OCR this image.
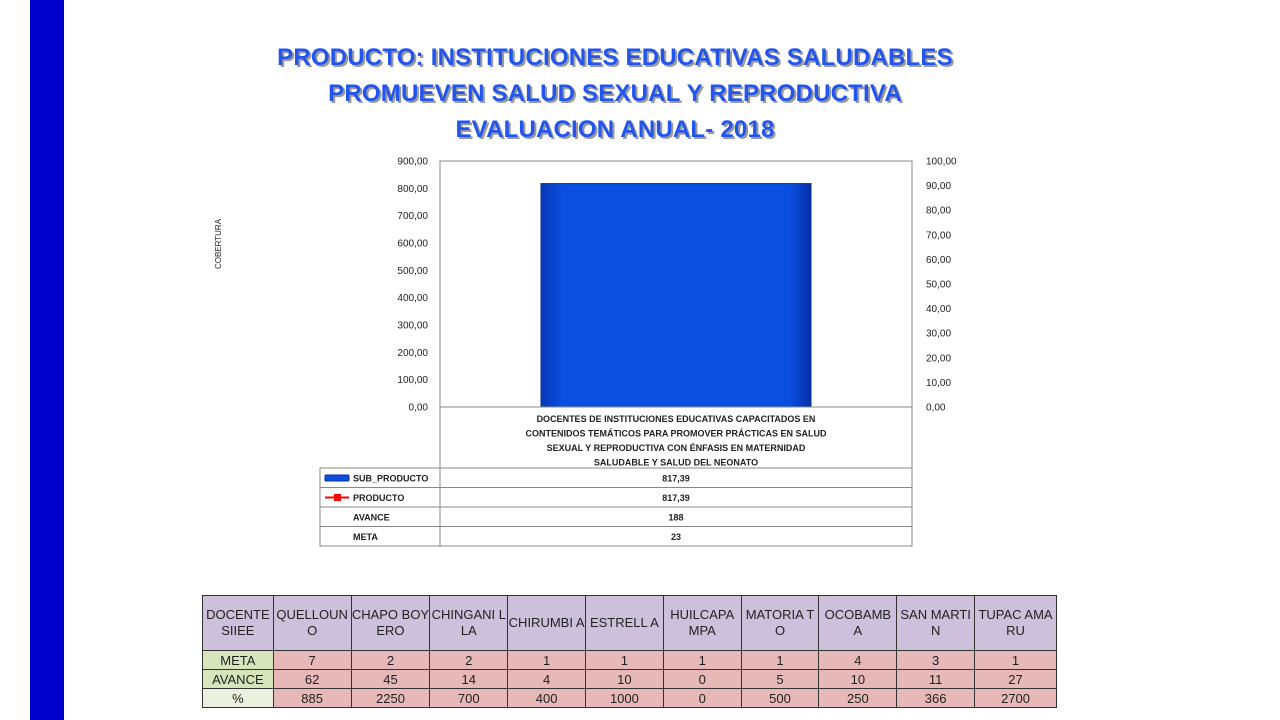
PRODUCTO: INSTITUCIONES EDUCATIVAS SALUDABLES
PROMUEVEN SALUD SEXUAL Y REPRODUCTIVA
EVALUACION ANUAL- 2018
0,00
100,00
200,00
300,00
400,00
500,00
600,00
700,00
800,00
900,00
0,00
10,00
20,00
30,00
40,00
50,00
60,00
70,00
80,00
90,00
100,00
COBERTURA
DOCENTES DE INSTITUCIONES EDUCATIVAS CAPACITADOS EN
CONTENIDOS TEMÁTICOS PARA PROMOVER PRÁCTICAS EN SALUD
SEXUAL Y REPRODUCTIVA CON ÉNFASIS EN MATERNIDAD
SALUDABLE Y SALUD DEL NEONATO
SUB_PRODUCTO	817,39
PRODUCTO	817,39
AVANCE	188
META	23
DOCENTE SIIEE	QUELLOUN O	CHAPO BOYERO	CHINGANI LLA	CHIRUMBI A	ESTRELL A	HUILCAPA MPA	MATORIA TO	OCOBAMB A	SAN MARTIN	TUPAC AMARU
META	7	2	2	1	1	1	1	4	3	1
AVANCE	62	45	14	4	10	0	5	10	11	27
%	885	2250	700	400	1000	0	500	250	366	2700
